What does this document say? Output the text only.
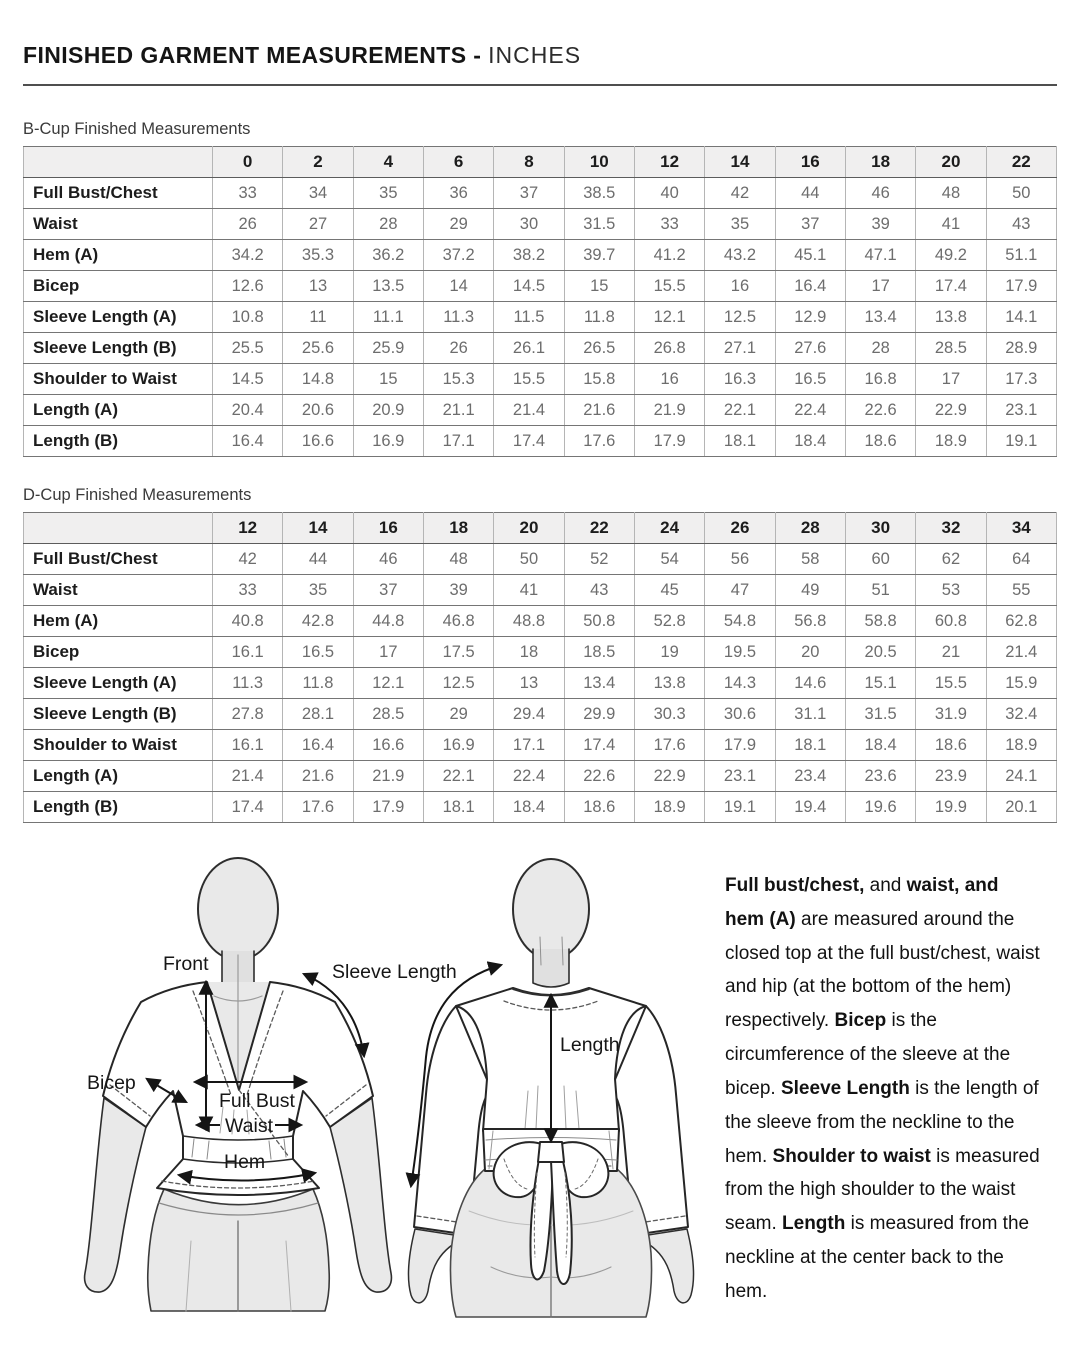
FINISHED GARMENT MEASUREMENTS - INCHES
B-Cup Finished Measurements
	0	2	4	6	8	10	12	14	16	18	20	22
Full Bust/Chest	33	34	35	36	37	38.5	40	42	44	46	48	50
Waist	26	27	28	29	30	31.5	33	35	37	39	41	43
Hem (A)	34.2	35.3	36.2	37.2	38.2	39.7	41.2	43.2	45.1	47.1	49.2	51.1
Bicep	12.6	13	13.5	14	14.5	15	15.5	16	16.4	17	17.4	17.9
Sleeve Length (A)	10.8	11	11.1	11.3	11.5	11.8	12.1	12.5	12.9	13.4	13.8	14.1
Sleeve Length (B)	25.5	25.6	25.9	26	26.1	26.5	26.8	27.1	27.6	28	28.5	28.9
Shoulder to Waist	14.5	14.8	15	15.3	15.5	15.8	16	16.3	16.5	16.8	17	17.3
Length (A)	20.4	20.6	20.9	21.1	21.4	21.6	21.9	22.1	22.4	22.6	22.9	23.1
Length (B)	16.4	16.6	16.9	17.1	17.4	17.6	17.9	18.1	18.4	18.6	18.9	19.1
D-Cup Finished Measurements
	12	14	16	18	20	22	24	26	28	30	32	34
Full Bust/Chest	42	44	46	48	50	52	54	56	58	60	62	64
Waist	33	35	37	39	41	43	45	47	49	51	53	55
Hem (A)	40.8	42.8	44.8	46.8	48.8	50.8	52.8	54.8	56.8	58.8	60.8	62.8
Bicep	16.1	16.5	17	17.5	18	18.5	19	19.5	20	20.5	21	21.4
Sleeve Length (A)	11.3	11.8	12.1	12.5	13	13.4	13.8	14.3	14.6	15.1	15.5	15.9
Sleeve Length (B)	27.8	28.1	28.5	29	29.4	29.9	30.3	30.6	31.1	31.5	31.9	32.4
Shoulder to Waist	16.1	16.4	16.6	16.9	17.1	17.4	17.6	17.9	18.1	18.4	18.6	18.9
Length (A)	21.4	21.6	21.9	22.1	22.4	22.6	22.9	23.1	23.4	23.6	23.9	24.1
Length (B)	17.4	17.6	17.9	18.1	18.4	18.6	18.9	19.1	19.4	19.6	19.9	20.1
Front	Sleeve Length
Bicep
Full Bust
Waist
Hem
Length

Full bust/chest, and waist, and hem (A) are measured around the closed top at the full bust/chest, waist and hip (at the bottom of the hem) respectively. Bicep is the circumference of the sleeve at the bicep. Sleeve Length is the length of the sleeve from the neckline to the hem. Shoulder to waist is measured from the high shoulder to the waist seam. Length is measured from the neckline at the center back to the hem.
